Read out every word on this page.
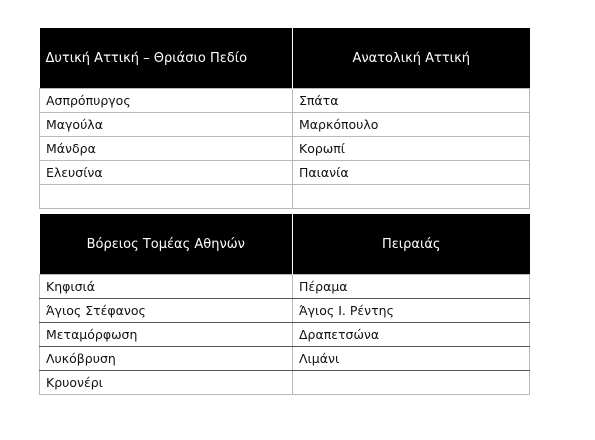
Δυτική Αττική – Θριάσιο Πεδίο	Ανατολική Αττική
Ασπρόπυργος	Σπάτα
Μαγούλα	Μαρκόπουλο
Μάνδρα	Κορωπί
Ελευσίνα	Παιανία

Βόρειος Τομέας Αθηνών	Πειραιάς
Κηφισιά	Πέραμα
Άγιος Στέφανος	Άγιος Ι. Ρέντης
Μεταμόρφωση	Δραπετσώνα
Λυκόβρυση	Λιμάνι
Κρυονέρι	
